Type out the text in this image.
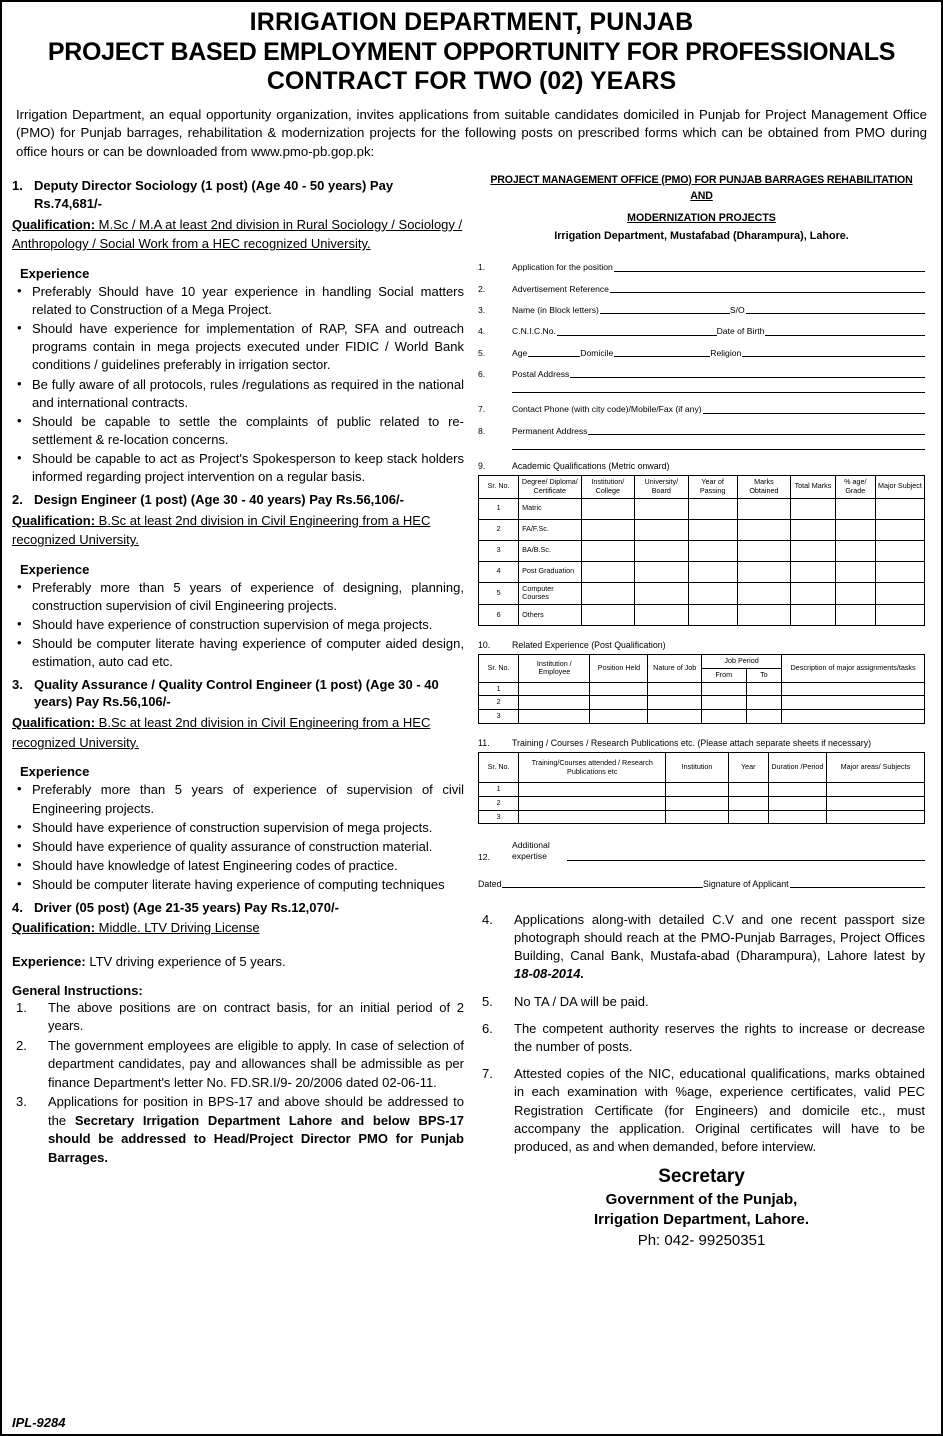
IRRIGATION DEPARTMENT, PUNJAB
PROJECT BASED EMPLOYMENT OPPORTUNITY FOR PROFESSIONALS
CONTRACT FOR TWO (02) YEARS
Irrigation Department, an equal opportunity organization, invites applications from suitable candidates domiciled in Punjab for Project Management Office (PMO) for Punjab barrages, rehabilitation & modernization projects for the following posts on prescribed forms which can be obtained from PMO during office hours or can be downloaded from www.pmo-pb.gop.pk:
1. Deputy Director Sociology (1 post) (Age 40 - 50 years) Pay Rs.74,681/-
Qualification: M.Sc / M.A at least 2nd division in Rural Sociology / Sociology / Anthropology / Social Work from a HEC recognized University.
Experience
• Preferably Should have 10 year experience in handling Social matters related to Construction of a Mega Project.
• Should have experience for implementation of RAP, SFA and outreach programs contain in mega projects executed under FIDIC / World Bank conditions / guidelines preferably in irrigation sector.
• Be fully aware of all protocols, rules /regulations as required in the national and international contracts.
• Should be capable to settle the complaints of public related to re-settlement & re-location concerns.
• Should be capable to act as Project's Spokesperson to keep stack holders informed regarding project intervention on a regular basis.
2. Design Engineer (1 post) (Age 30 - 40 years) Pay Rs.56,106/-
Qualification: B.Sc at least 2nd division in Civil Engineering from a HEC recognized University.
Experience
• Preferably more than 5 years of experience of designing, planning, construction supervision of civil Engineering projects.
• Should have experience of construction supervision of mega projects.
• Should be computer literate having experience of computer aided design, estimation, auto cad etc.
3. Quality Assurance / Quality Control Engineer (1 post) (Age 30 - 40 years) Pay Rs.56,106/-
Qualification: B.Sc at least 2nd division in Civil Engineering from a HEC recognized University.
Experience
• Preferably more than 5 years of experience of supervision of civil Engineering projects.
• Should have experience of construction supervision of mega projects.
• Should have experience of quality assurance of construction material.
• Should have knowledge of latest Engineering codes of practice.
• Should be computer literate having experience of computing techniques
4. Driver (05 post) (Age 21-35 years) Pay Rs.12,070/-
Qualification: Middle. LTV Driving License
Experience: LTV driving experience of 5 years.
General Instructions:
The above positions are on contract basis, for an initial period of 2 years.
The government employees are eligible to apply. In case of selection of department candidates, pay and allowances shall be admissible as per finance Department's letter No. FD.SR.I/9- 20/2006 dated 02-06-11.
Applications for position in BPS-17 and above should be addressed to the Secretary Irrigation Department Lahore and below BPS-17 should be addressed to Head/Project Director PMO for Punjab Barrages.
PROJECT MANAGEMENT OFFICE (PMO) FOR PUNJAB BARRAGES REHABILITATION AND
MODERNIZATION PROJECTS
Irrigation Department, Mustafabad (Dharampura), Lahore.
1.	Application for the position
2.	Advertisement Reference
3.	Name (in Block letters)	S/O
4.	C.N.I.C.No.	Date of Birth
5.	Age	Domicile	Religion
6.	Postal Address
7.	Contact Phone (with city code)/Mobile/Fax (if any)
8.	Permanent Address
9.	Academic Qualifications (Metric onward)
Sr. No.	Degree/ Diploma/ Certificate	Institution/ College	University/ Board	Year of Passing	Marks Obtained	Total Marks	% age/ Grade	Major Subject
1	Matric							
2	FA/F.Sc.							
3	BA/B.Sc.							
4	Post Graduation							
5	Computer Courses							
6	Others							
10.	Related Experience (Post Qualification)
Sr. No.	Institution / Employee	Position Held	Nature of Job	Job Period		Description of major assignments/tasks
				From	To	
1						
2						
3						
11.	Training / Courses / Research Publications etc. (Please attach separate sheets if necessary)
Sr. No.	Training/Courses attended / Research Publications etc	Institution	Year	Duration /Period	Major areas/ Subjects
1					
2					
3					
12.
Additional
expertise
Dated	Signature of Applicant
Applications along-with detailed C.V and one recent passport size photograph should reach at the PMO-Punjab Barrages, Project Offices Building, Canal Bank, Mustafa-abad (Dharampura), Lahore latest by 18-08-2014.
No TA / DA will be paid.
The competent authority reserves the rights to increase or decrease the number of posts.
Attested copies of the NIC, educational qualifications, marks obtained in each examination with %age, experience certificates, valid PEC Registration Certificate (for Engineers) and domicile etc., must accompany the application. Original certificates will have to be produced, as and when demanded, before interview.
Secretary
Government of the Punjab,
Irrigation Department, Lahore.
Ph: 042- 99250351
IPL-9284
